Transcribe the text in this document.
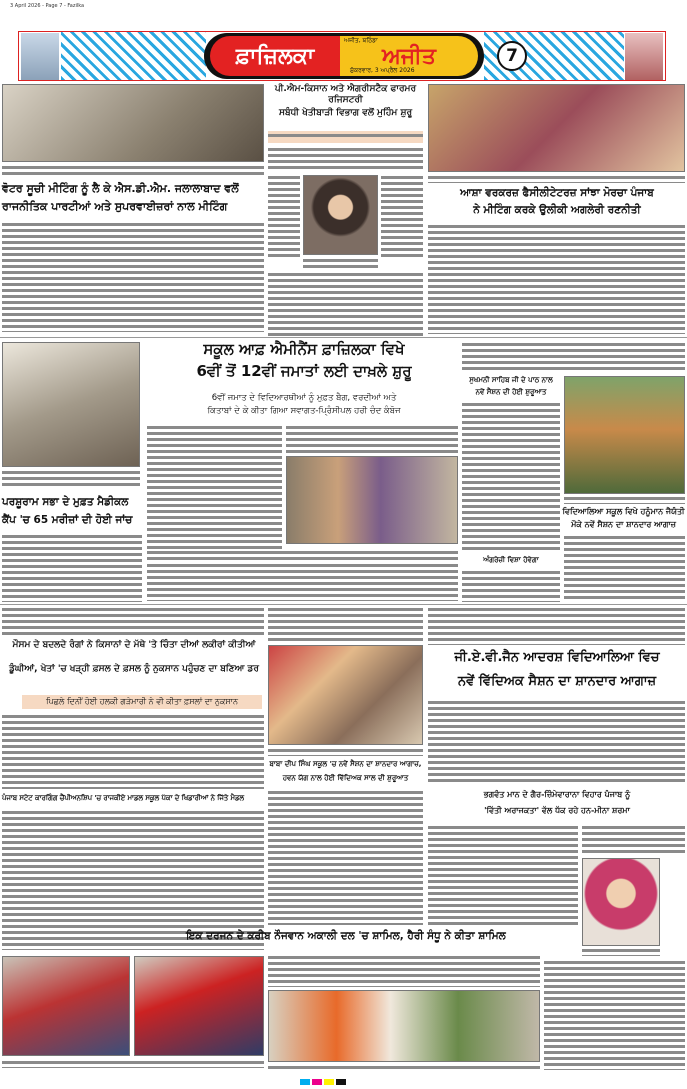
3 April 2026 - Page 7 - Fazilka
ਫ਼ਾਜ਼ਿਲਕਾ
ਅਜੀਤ, ਬਠਿੰਡਾ
ਅਜੀਤ
ਸ਼ੁੱਕਰਵਾਰ, 3 ਅਪ੍ਰੈਲ 2026
7
ਵੋਟਰ ਸੂਚੀ ਮੀਟਿੰਗ ਨੂੰ ਲੈ ਕੇ ਐਸ.ਡੀ.ਐਮ. ਜਲਾਲਾਬਾਦ ਵਲੋਂ
ਰਾਜਨੀਤਿਕ ਪਾਰਟੀਆਂ ਅਤੇ ਸੁਪਰਵਾਈਜ਼ਰਾਂ ਨਾਲ ਮੀਟਿੰਗ
ਪੀ.ਐਮ-ਕਿਸਾਨ ਅਤੇ ਐਗਰੀਸਟੈਕ ਫਾਰਮਰ ਰਜਿਸਟਰੀ
ਸਬੰਧੀ ਖੇਤੀਬਾੜੀ ਵਿਭਾਗ ਵਲੋਂ ਮੁਹਿੰਮ ਸ਼ੁਰੂ
ਆਸ਼ਾ ਵਰਕਰਜ਼ ਫੈਸੀਲੀਟੇਟਰਜ਼ ਸਾਂਝਾ ਮੋਰਚਾ ਪੰਜਾਬ
ਨੇ ਮੀਟਿੰਗ ਕਰਕੇ ਉਲੀਕੀ ਅਗਲੇਰੀ ਰਣਨੀਤੀ
ਸਕੂਲ ਆਫ਼ ਐਮੀਨੈਂਸ ਫ਼ਾਜ਼ਿਲਕਾ ਵਿਖੇ
6ਵੀਂ ਤੋਂ 12ਵੀਂ ਜਮਾਤਾਂ ਲਈ ਦਾਖ਼ਲੇ ਸ਼ੁਰੂ
6ਵੀਂ ਜਮਾਤ ਦੇ ਵਿਦਿਆਰਥੀਆਂ ਨੂੰ ਮੁਫ਼ਤ ਬੈਗ, ਵਰਦੀਆਂ ਅਤੇ
ਕਿਤਾਬਾਂ ਦੇ ਕੇ ਕੀਤਾ ਗਿਆ ਸਵਾਗਤ-ਪ੍ਰਿੰਸੀਪਲ ਹਰੀ ਚੰਦ ਕੰਬੋਜ
ਪਰਸ਼ੂਰਾਮ ਸਭਾ ਦੇ ਮੁਫ਼ਤ ਮੈਡੀਕਲ
ਕੈਂਪ 'ਚ 65 ਮਰੀਜ਼ਾਂ ਦੀ ਹੋਈ ਜਾਂਚ
ਸੁਖਮਨੀ ਸਾਹਿਬ ਜੀ ਦੇ ਪਾਠ ਨਾਲ
ਨਵੇਂ ਸੈਸ਼ਨ ਦੀ ਹੋਈ ਸ਼ੁਰੂਆਤ
ਅੰਗਰੇਜ਼ੀ ਵਿਸ਼ਾ ਹੋਵੇਗਾ
ਵਿਦਿਆਲਿਆ ਸਕੂਲ ਵਿਖੇ ਹਨੂੰਮਾਨ ਜੈਯੰਤੀ
ਮੌਕੇ ਨਵੇਂ ਸੈਸ਼ਨ ਦਾ ਸ਼ਾਨਦਾਰ ਆਗਾਜ਼
ਮੌਸਮ ਦੇ ਬਦਲਦੇ ਰੰਗਾਂ ਨੇ ਕਿਸਾਨਾਂ ਦੇ ਮੱਥੇ 'ਤੇ ਚਿੰਤਾ ਦੀਆਂ ਲਕੀਰਾਂ ਕੀਤੀਆਂ
ਡੂੰਘੀਆਂ, ਖੇਤਾਂ 'ਚ ਖੜ੍ਹੀ ਫ਼ਸਲ ਦੇ ਫ਼ਸਲ ਨੂੰ ਨੁਕਸਾਨ ਪਹੁੰਚਣ ਦਾ ਬਣਿਆ ਡਰ
ਪਿਛਲੇ ਦਿਨੀਂ ਹੋਈ ਹਲਕੀ ਗੜੇਮਾਰੀ ਨੇ ਵੀ ਕੀਤਾ ਫ਼ਸਲਾਂ ਦਾ ਨੁਕਸਾਨ
ਬਾਬਾ ਦੀਪ ਸਿੰਘ ਸਕੂਲ 'ਚ ਨਵੇਂ ਸੈਸ਼ਨ ਦਾ ਸ਼ਾਨਦਾਰ ਆਗਾਜ਼,
ਹਵਨ ਯੱਗ ਨਾਲ ਹੋਈ ਵਿੱਦਿਅਕ ਸਾਲ ਦੀ ਸ਼ੁਰੂਆਤ
ਜੀ.ਏ.ਵੀ.ਜੈਨ ਆਦਰਸ਼ ਵਿਦਿਆਲਿਆ ਵਿਚ
ਨਵੇਂ ਵਿੱਦਿਅਕ ਸੈਸ਼ਨ ਦਾ ਸ਼ਾਨਦਾਰ ਆਗਾਜ਼
ਪੰਜਾਬ ਸਟੇਟ ਕਾਰਗਿੰਗ ਚੈਂਪੀਅਨਸ਼ਿਪ 'ਚ ਰਾਜਕੀਏ ਮਾਡਲ ਸਕੂਲ ਪੱਕਾ ਦੇ ਖਿਡਾਰੀਆਂ ਨੇ ਜਿੱਤੇ ਮੈਡਲ	ਭਗਵੰਤ ਮਾਨ ਦੇ ਗੈਰ-ਜ਼ਿੰਮੇਵਾਰਾਨਾ ਵਿਹਾਰ ਪੰਜਾਬ ਨੂੰ
'ਵਿੱਤੀ ਅਰਾਜਕਤਾ' ਵੱਲ ਧੱਕ ਰਹੇ ਹਨ-ਮੀਨਾ ਸ਼ਰਮਾ
ਇਕ ਦਰਜਨ ਦੇ ਕਰੀਬ ਨੌਜਵਾਨ ਅਕਾਲੀ ਦਲ 'ਚ ਸ਼ਾਮਿਲ, ਹੈਰੀ ਸੰਧੂ ਨੇ ਕੀਤਾ ਸ਼ਾਮਿਲ
